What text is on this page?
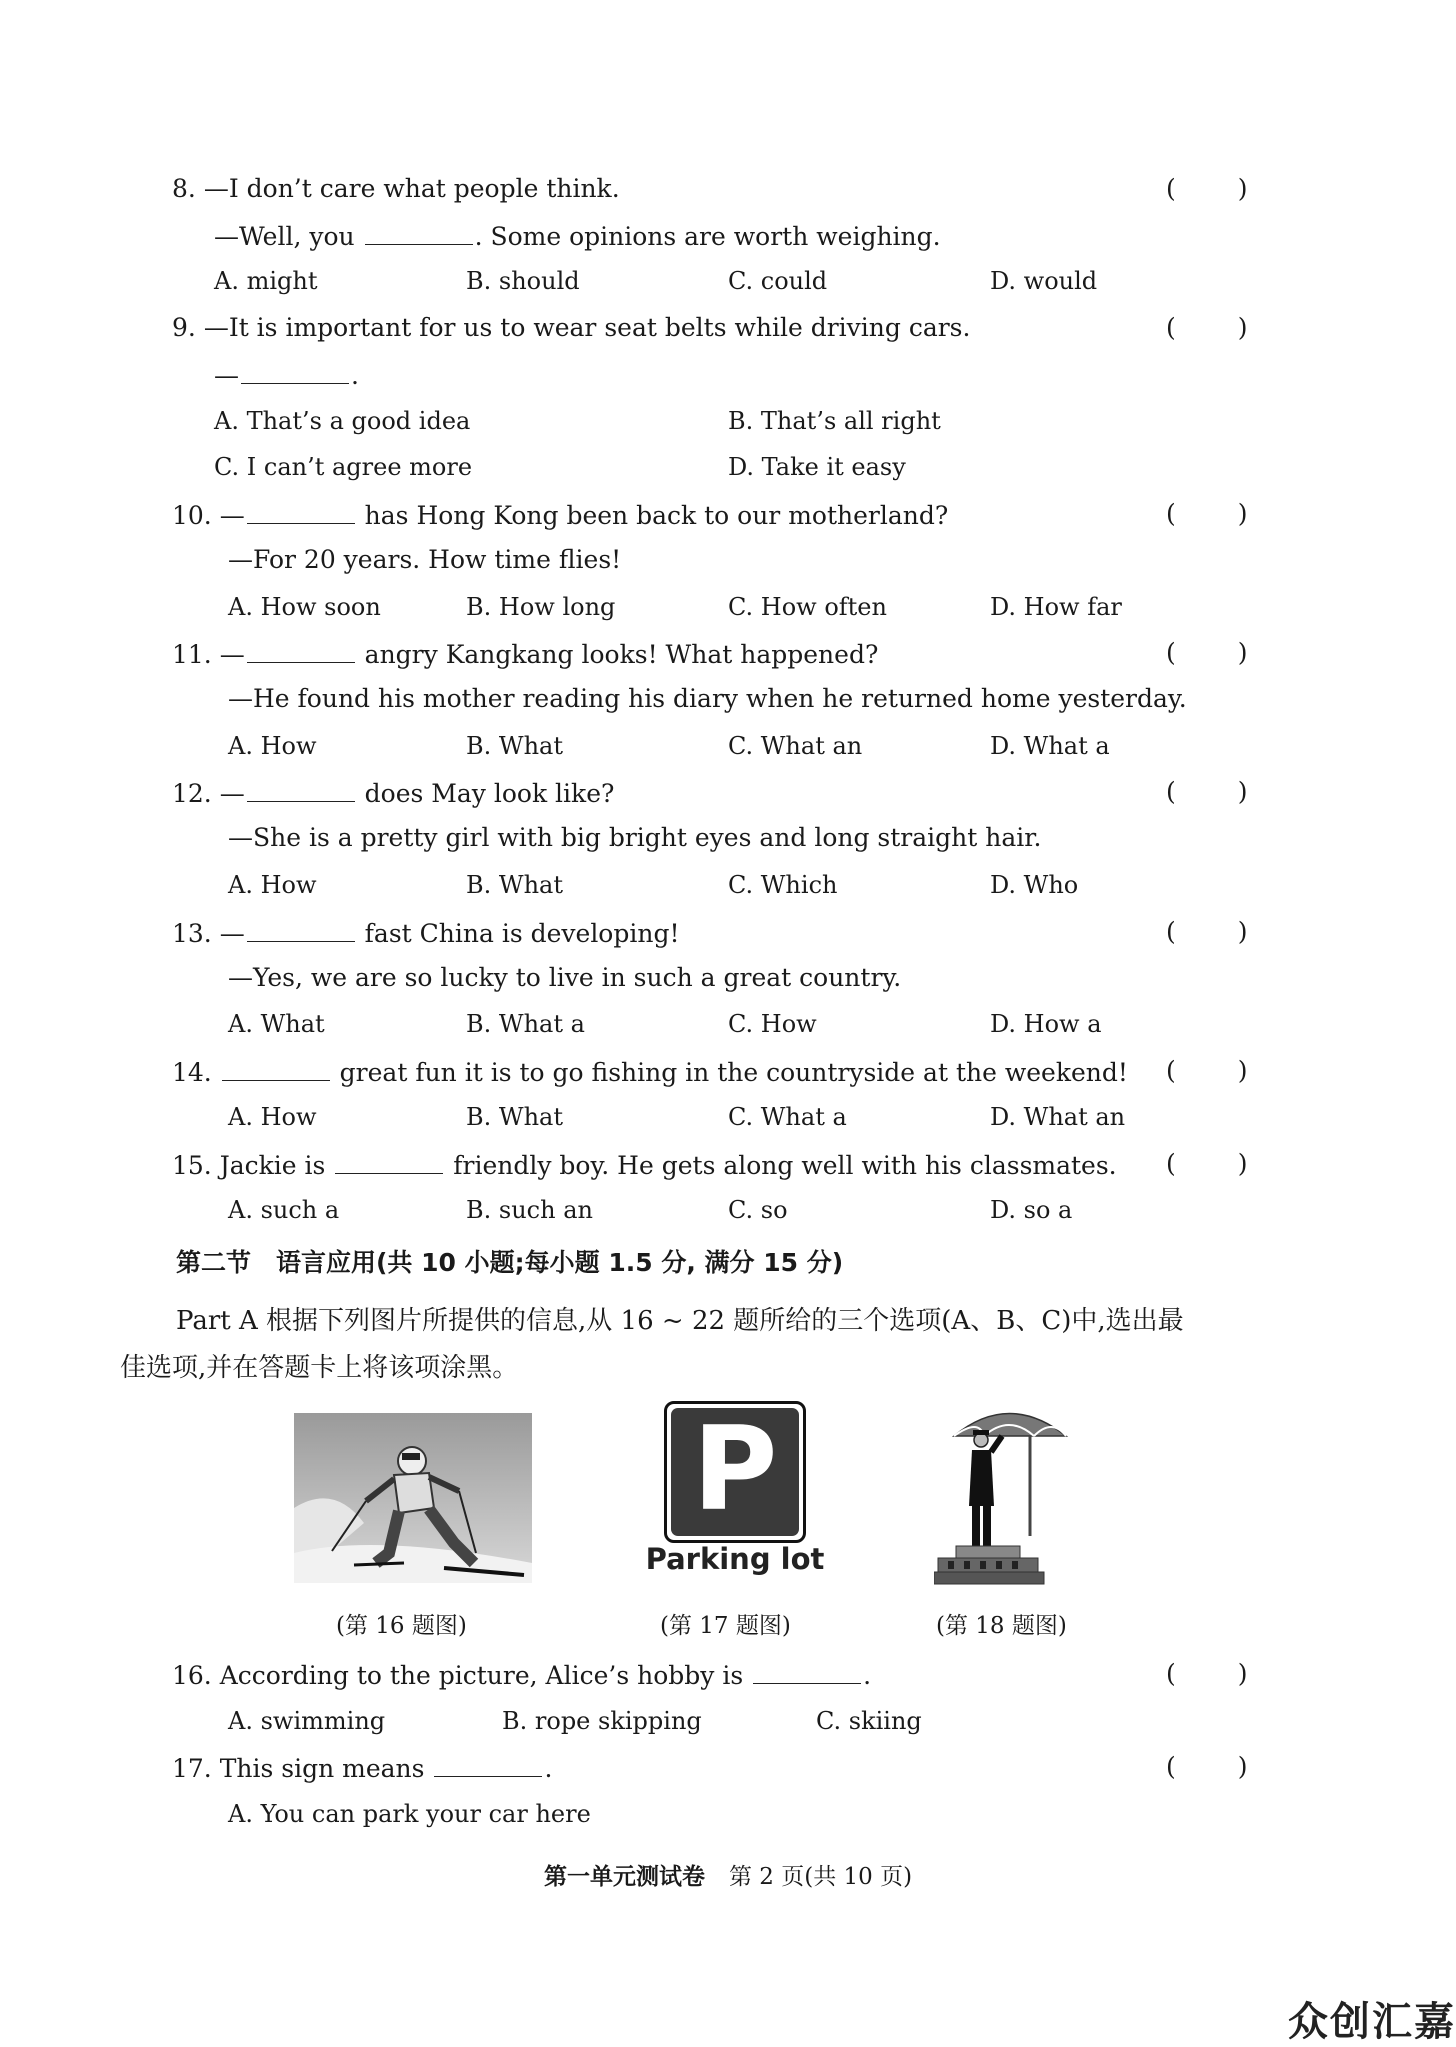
8. —I don’t care what people think.	( )
—Well, you	. Some opinions are worth weighing.
A. might	B. should	C. could	D. would
9. —It is important for us to wear seat belts while driving cars.	( )
—	.
A. That’s a good idea	B. That’s all right
C. I can’t agree more	D. Take it easy
10. —	has Hong Kong been back to our motherland?	( )
—For 20 years. How time flies!
A. How soon	B. How long	C. How often	D. How far
11. —	angry Kangkang looks! What happened?	( )
—He found his mother reading his diary when he returned home yesterday.
A. How	B. What	C. What an	D. What a
12. —	does May look like?	( )
—She is a pretty girl with big bright eyes and long straight hair.
A. How	B. What	C. Which	D. Who
13. —	fast China is developing!	( )
—Yes, we are so lucky to live in such a great country.
A. What	B. What a	C. How	D. How a
14.	great fun it is to go fishing in the countryside at the weekend! ( )
A. How	B. What	C. What a	D. What an
15. Jackie is	friendly boy. He gets along well with his classmates. ( )
A. such a	B. such an	C. so	D. so a
第二节　语言应用(共 10 小题;每小题 1.5 分, 满分 15 分)
Part A 根据下列图片所提供的信息,从 16 ~ 22 题所给的三个选项(A、B、C)中,选出最
佳选项,并在答题卡上将该项涂黑。
P
Parking lot
(第 16 题图)	(第 17 题图)	(第 18 题图)
16. According to the picture, Alice’s hobby is	.	( )
A. swimming	B. rope skipping	C. skiing
17. This sign means	.	( )
A. You can park your car here
第一单元测试卷 第 2 页(共 10 页)
众创汇嘉
